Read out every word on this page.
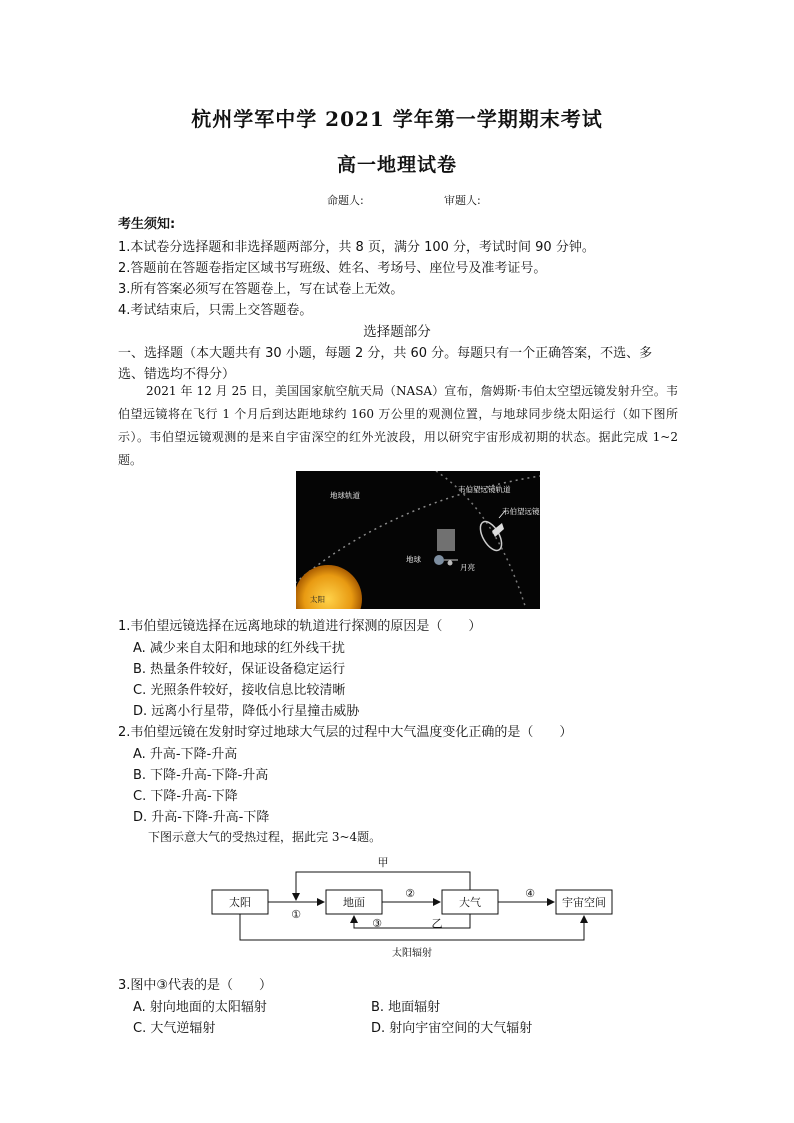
杭州学军中学 2021 学年第一学期期末考试
高一地理试卷
命题人:	审题人:
考生须知:
1.本试卷分选择题和非选择题两部分，共 8 页，满分 100 分，考试时间 90 分钟。
2.答题前在答题卷指定区域书写班级、姓名、考场号、座位号及准考证号。
3.所有答案必须写在答题卷上，写在试卷上无效。
4.考试结束后，只需上交答题卷。
选择题部分
一、选择题（本大题共有 30 小题，每题 2 分，共 60 分。每题只有一个正确答案，不选、多
选、错选均不得分）
2021 年 12 月 25 日，美国国家航空航天局（NASA）宣布，詹姆斯·韦伯太空望远镜发射升空。韦伯望远镜将在飞行 1 个月后到达距地球约 160 万公里的观测位置，与地球同步绕太阳运行（如下图所示）。韦伯望远镜观测的是来自宇宙深空的红外光波段，用以研究宇宙形成初期的状态。据此完成 1~2题。
地球轨道
韦伯望远镜轨道
韦伯望远镜
地球
月亮
太阳
1.韦伯望远镜选择在远离地球的轨道进行探测的原因是（　　）
A. 减少来自太阳和地球的红外线干扰
B. 热量条件较好，保证设备稳定运行
C. 光照条件较好，接收信息比较清晰
D. 远离小行星带，降低小行星撞击威胁
2.韦伯望远镜在发射时穿过地球大气层的过程中大气温度变化正确的是（　　）
A. 升高-下降-升高
B. 下降-升高-下降-升高
C. 下降-升高-下降
D. 升高-下降-升高-下降
下图示意大气的受热过程，据此完 3~4题。
太阳	地面	大气	宇宙空间
甲
①
②
③	乙
④
太阳辐射
3.图中③代表的是（　　）
A. 射向地面的太阳辐射	B. 地面辐射
C. 大气逆辐射	D. 射向宇宙空间的大气辐射
